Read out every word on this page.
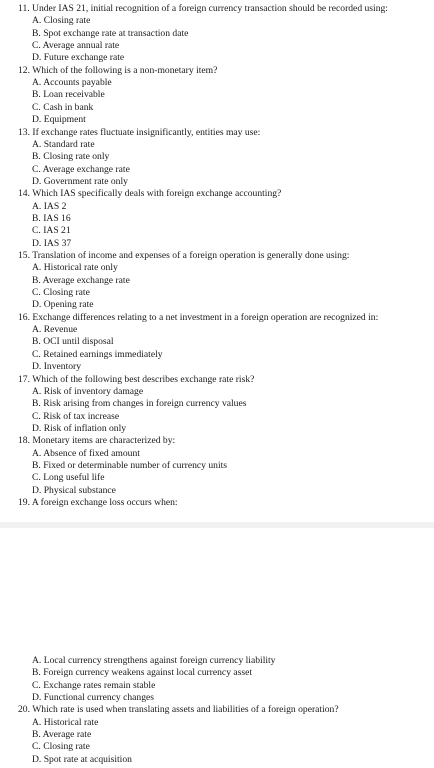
11. Under IAS 21, initial recognition of a foreign currency transaction should be recorded using:
A. Closing rate
B. Spot exchange rate at transaction date
C. Average annual rate
D. Future exchange rate
12. Which of the following is a non-monetary item?
A. Accounts payable
B. Loan receivable
C. Cash in bank
D. Equipment
13. If exchange rates fluctuate insignificantly, entities may use:
A. Standard rate
B. Closing rate only
C. Average exchange rate
D. Government rate only
14. Which IAS specifically deals with foreign exchange accounting?
A. IAS 2
B. IAS 16
C. IAS 21
D. IAS 37
15. Translation of income and expenses of a foreign operation is generally done using:
A. Historical rate only
B. Average exchange rate
C. Closing rate
D. Opening rate
16. Exchange differences relating to a net investment in a foreign operation are recognized in:
A. Revenue
B. OCI until disposal
C. Retained earnings immediately
D. Inventory
17. Which of the following best describes exchange rate risk?
A. Risk of inventory damage
B. Risk arising from changes in foreign currency values
C. Risk of tax increase
D. Risk of inflation only
18. Monetary items are characterized by:
A. Absence of fixed amount
B. Fixed or determinable number of currency units
C. Long useful life
D. Physical substance
19. A foreign exchange loss occurs when:
A. Local currency strengthens against foreign currency liability
B. Foreign currency weakens against local currency asset
C. Exchange rates remain stable
D. Functional currency changes
20. Which rate is used when translating assets and liabilities of a foreign operation?
A. Historical rate
B. Average rate
C. Closing rate
D. Spot rate at acquisition
